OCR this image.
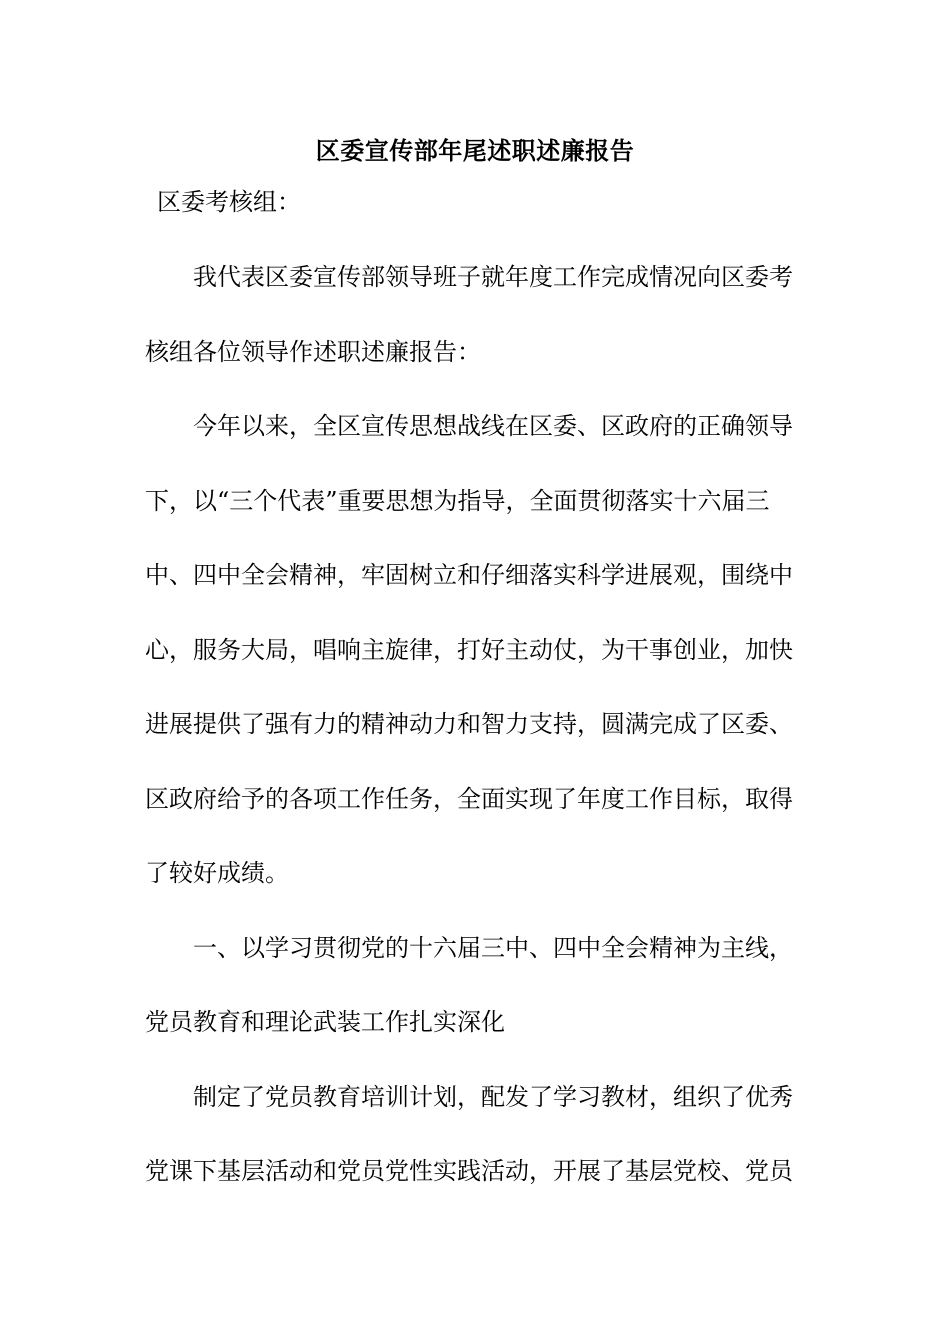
区委宣传部年尾述职述廉报告
区委考核组：
我代表区委宣传部领导班子就年度工作完成情况向区委考
核组各位领导作述职述廉报告：
今年以来，全区宣传思想战线在区委、区政府的正确领导
下，以“三个代表”重要思想为指导，全面贯彻落实十六届三
中、四中全会精神，牢固树立和仔细落实科学进展观，围绕中
心，服务大局，唱响主旋律，打好主动仗，为干事创业，加快
进展提供了强有力的精神动力和智力支持，圆满完成了区委、
区政府给予的各项工作任务，全面实现了年度工作目标，取得
了较好成绩。
一、以学习贯彻党的十六届三中、四中全会精神为主线，
党员教育和理论武装工作扎实深化
制定了党员教育培训计划，配发了学习教材，组织了优秀
党课下基层活动和党员党性实践活动，开展了基层党校、党员
